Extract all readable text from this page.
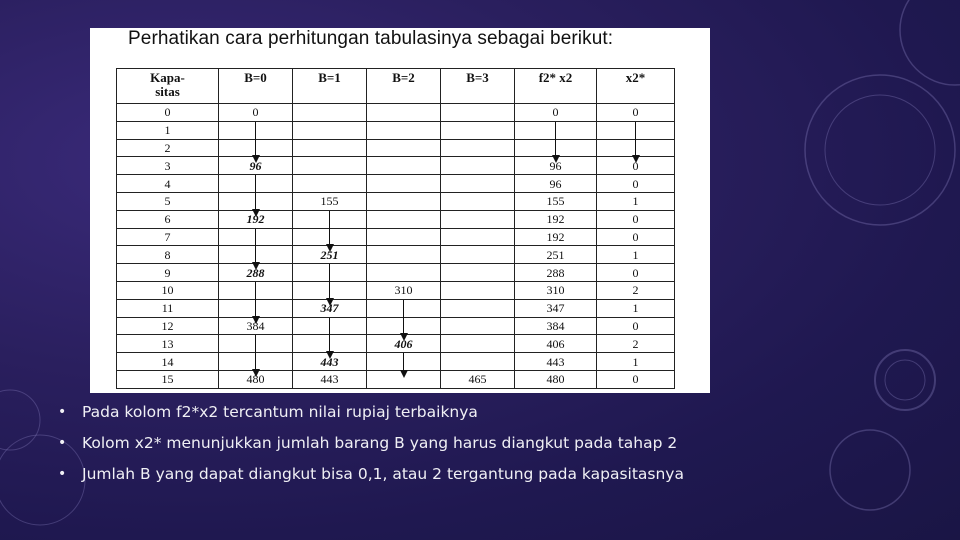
Perhatikan cara perhitungan tabulasinya sebagai berikut:
Kapa-
sitas	B=0	B=1	B=2	B=3	f2* x2	x2*
0	0				0	0
1	

2						
3	96				96	0
4					96	0
5		155			155	1
6	192				192	0
7					192	0
8		251			251	1
9	288				288	0
10			310		310	2
11		347			347	1
12	384				384	0
13			406		406	2
14		443			443	1
15	480	443		465	480	0
•	Pada kolom f2*x2 tercantum nilai rupiaj terbaiknya
•	Kolom x2* menunjukkan jumlah barang B yang harus diangkut pada tahap 2
•	Jumlah B yang dapat diangkut bisa 0,1, atau 2 tergantung pada kapasitasnya
